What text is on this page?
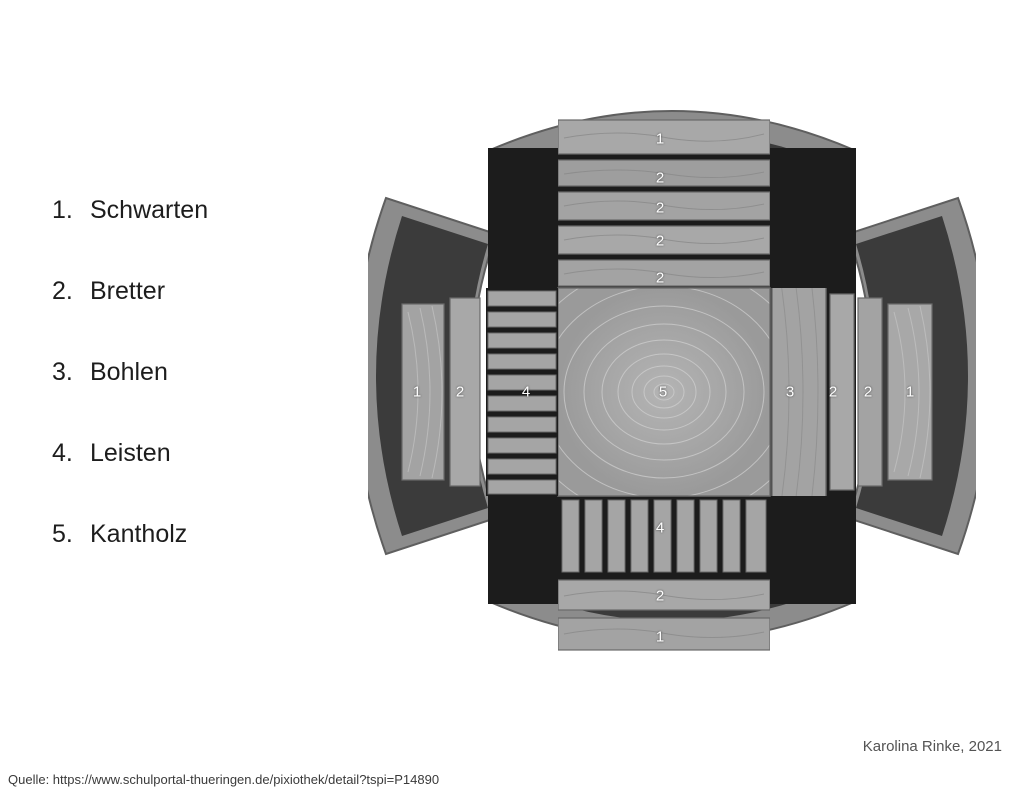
1. Schwarten
2. Bretter
3. Bohlen
4. Leisten
5. Kantholz
1
2
2
2
2
1 2	4	5	3 2 2 1
4
2
1
Karolina Rinke, 2021
Quelle: https://www.schulportal-thueringen.de/pixiothek/detail?tspi=P14890
